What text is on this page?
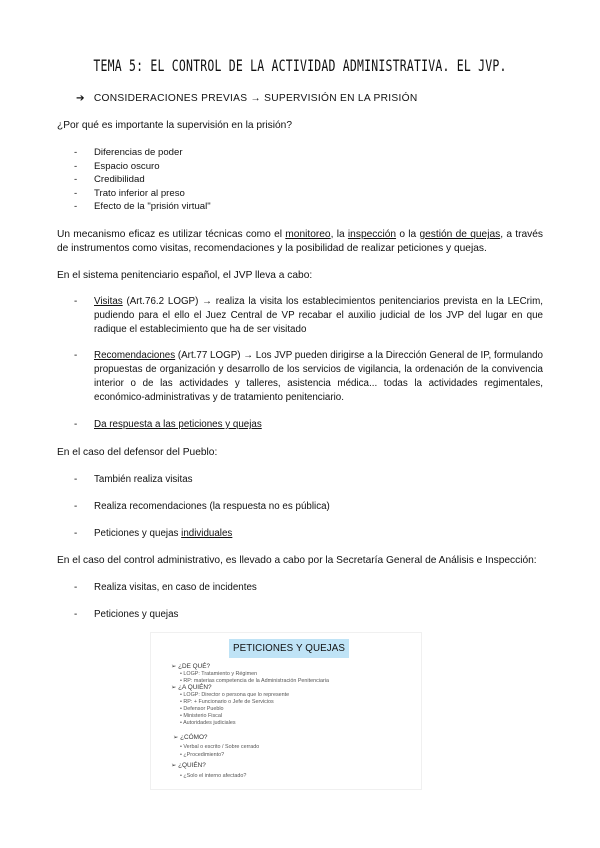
TEMA 5: EL CONTROL DE LA ACTIVIDAD ADMINISTRATIVA. EL JVP.
➔ CONSIDERACIONES PREVIAS → SUPERVISIÓN EN LA PRISIÓN
¿Por qué es importante la supervisión en la prisión?
- Diferencias de poder
- Espacio oscuro
- Credibilidad
- Trato inferior al preso
- Efecto de la "prisión virtual"
Un mecanismo eficaz es utilizar técnicas como el monitoreo, la inspección o la gestión de quejas, a través de instrumentos como visitas, recomendaciones y la posibilidad de realizar peticiones y quejas.
En el sistema penitenciario español, el JVP lleva a cabo:
- Visitas (Art.76.2 LOGP) → realiza la visita los establecimientos penitenciarios prevista en la LECrim, pudiendo para el ello el Juez Central de VP recabar el auxilio judicial de los JVP del lugar en que radique el establecimiento que ha de ser visitado
- Recomendaciones (Art.77 LOGP) → Los JVP pueden dirigirse a la Dirección General de IP, formulando propuestas de organización y desarrollo de los servicios de vigilancia, la ordenación de la convivencia interior o de las actividades y talleres, asistencia médica... todas la actividades regimentales, económico-administrativas y de tratamiento penitenciario.
- Da respuesta a las peticiones y quejas
En el caso del defensor del Pueblo:
- También realiza visitas
- Realiza recomendaciones (la respuesta no es pública)
- Peticiones y quejas individuales
En el caso del control administrativo, es llevado a cabo por la Secretaría General de Análisis e Inspección:
- Realiza visitas, en caso de incidentes
- Peticiones y quejas
PETICIONES Y QUEJAS
➢ ¿DE QUÉ?
• LOGP: Tratamiento y Régimen
• RP: materias competencia de la Administración Penitenciaria
➢ ¿A QUIÉN?
• LOGP: Director o persona que lo represente
• RP: + Funcionario o Jefe de Servicios
• Defensor Pueblo
• Ministerio Fiscal
• Autoridades judiciales
➢ ¿CÓMO?
• Verbal o escrito / Sobre cerrado
• ¿Procedimiento?
➢ ¿QUIÉN?
• ¿Solo el interno afectado?
